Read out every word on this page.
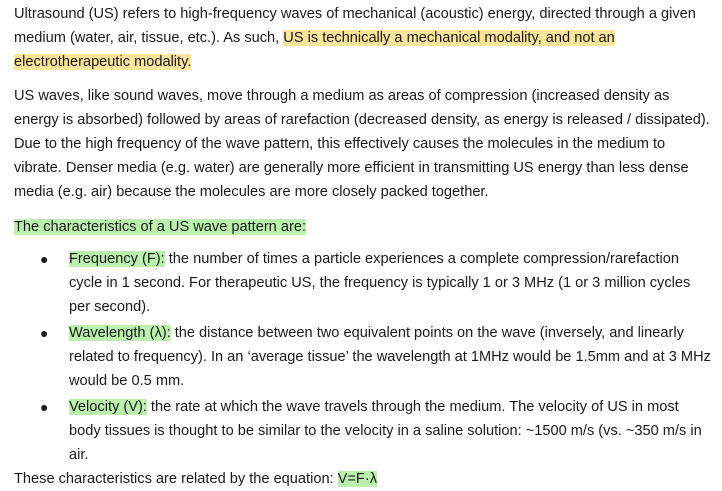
Ultrasound (US) refers to high-frequency waves of mechanical (acoustic) energy, directed through a given medium (water, air, tissue, etc.). As such, US is technically a mechanical modality, and not an electrotherapeutic modality.

US waves, like sound waves, move through a medium as areas of compression (increased density as energy is absorbed) followed by areas of rarefaction (decreased density, as energy is released / dissipated). Due to the high frequency of the wave pattern, this effectively causes the molecules in the medium to vibrate. Denser media (e.g. water) are generally more efficient in transmitting US energy than less dense media (e.g. air) because the molecules are more closely packed together.

The characteristics of a US wave pattern are:

● Frequency (F): the number of times a particle experiences a complete compression/rarefaction cycle in 1 second. For therapeutic US, the frequency is typically 1 or 3 MHz (1 or 3 million cycles per second).
● Wavelength (λ): the distance between two equivalent points on the wave (inversely, and linearly related to frequency). In an ‘average tissue’ the wavelength at 1MHz would be 1.5mm and at 3 MHz would be 0.5 mm.
● Velocity (V): the rate at which the wave travels through the medium. The velocity of US in most body tissues is thought to be similar to the velocity in a saline solution: ~1500 m/s (vs. ~350 m/s in air.

These characteristics are related by the equation: V=F·λ
